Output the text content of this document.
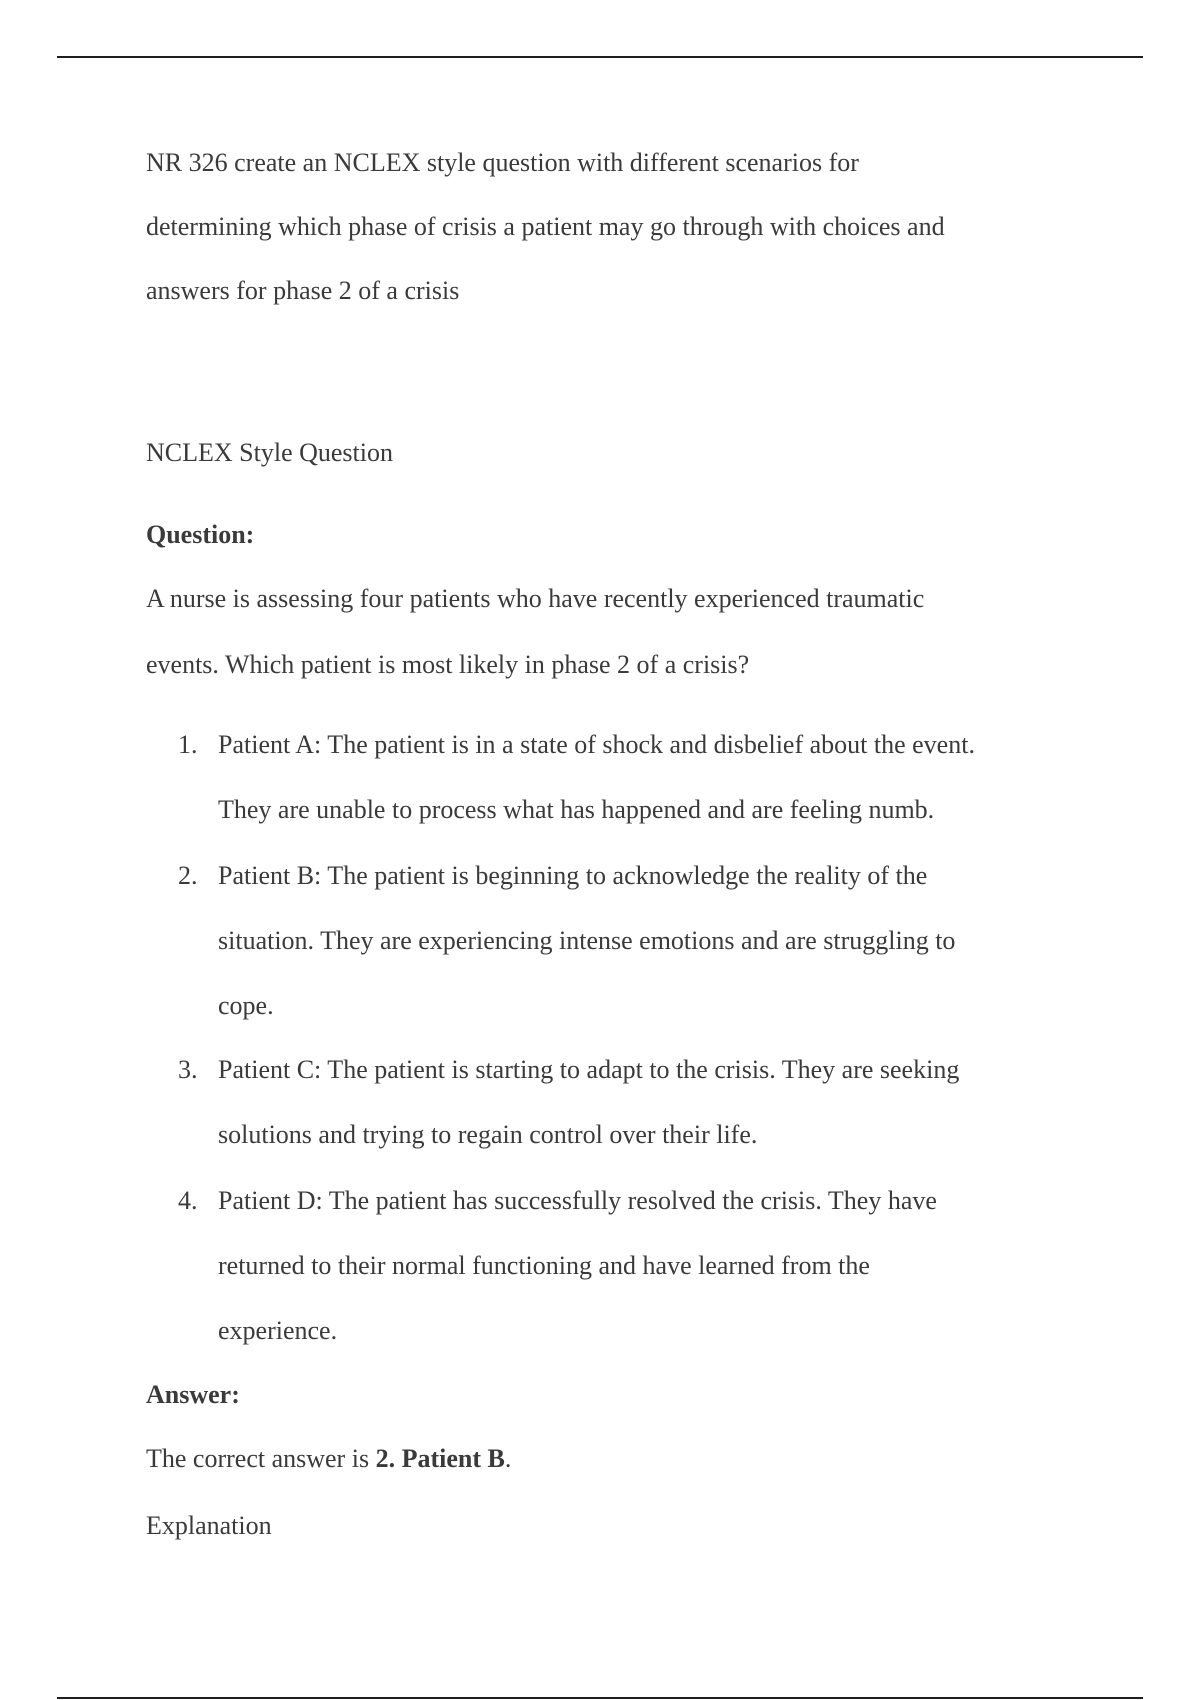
NR 326 create an NCLEX style question with different scenarios for

determining which phase of crisis a patient may go through with choices and

answers for phase 2 of a crisis

NCLEX Style Question

Question:

A nurse is assessing four patients who have recently experienced traumatic

events. Which patient is most likely in phase 2 of a crisis?

1. Patient A: The patient is in a state of shock and disbelief about the event.
They are unable to process what has happened and are feeling numb.
2. Patient B: The patient is beginning to acknowledge the reality of the
situation. They are experiencing intense emotions and are struggling to
cope.
3. Patient C: The patient is starting to adapt to the crisis. They are seeking
solutions and trying to regain control over their life.
4. Patient D: The patient has successfully resolved the crisis. They have
returned to their normal functioning and have learned from the
experience.

Answer:

The correct answer is 2. Patient B.

Explanation
